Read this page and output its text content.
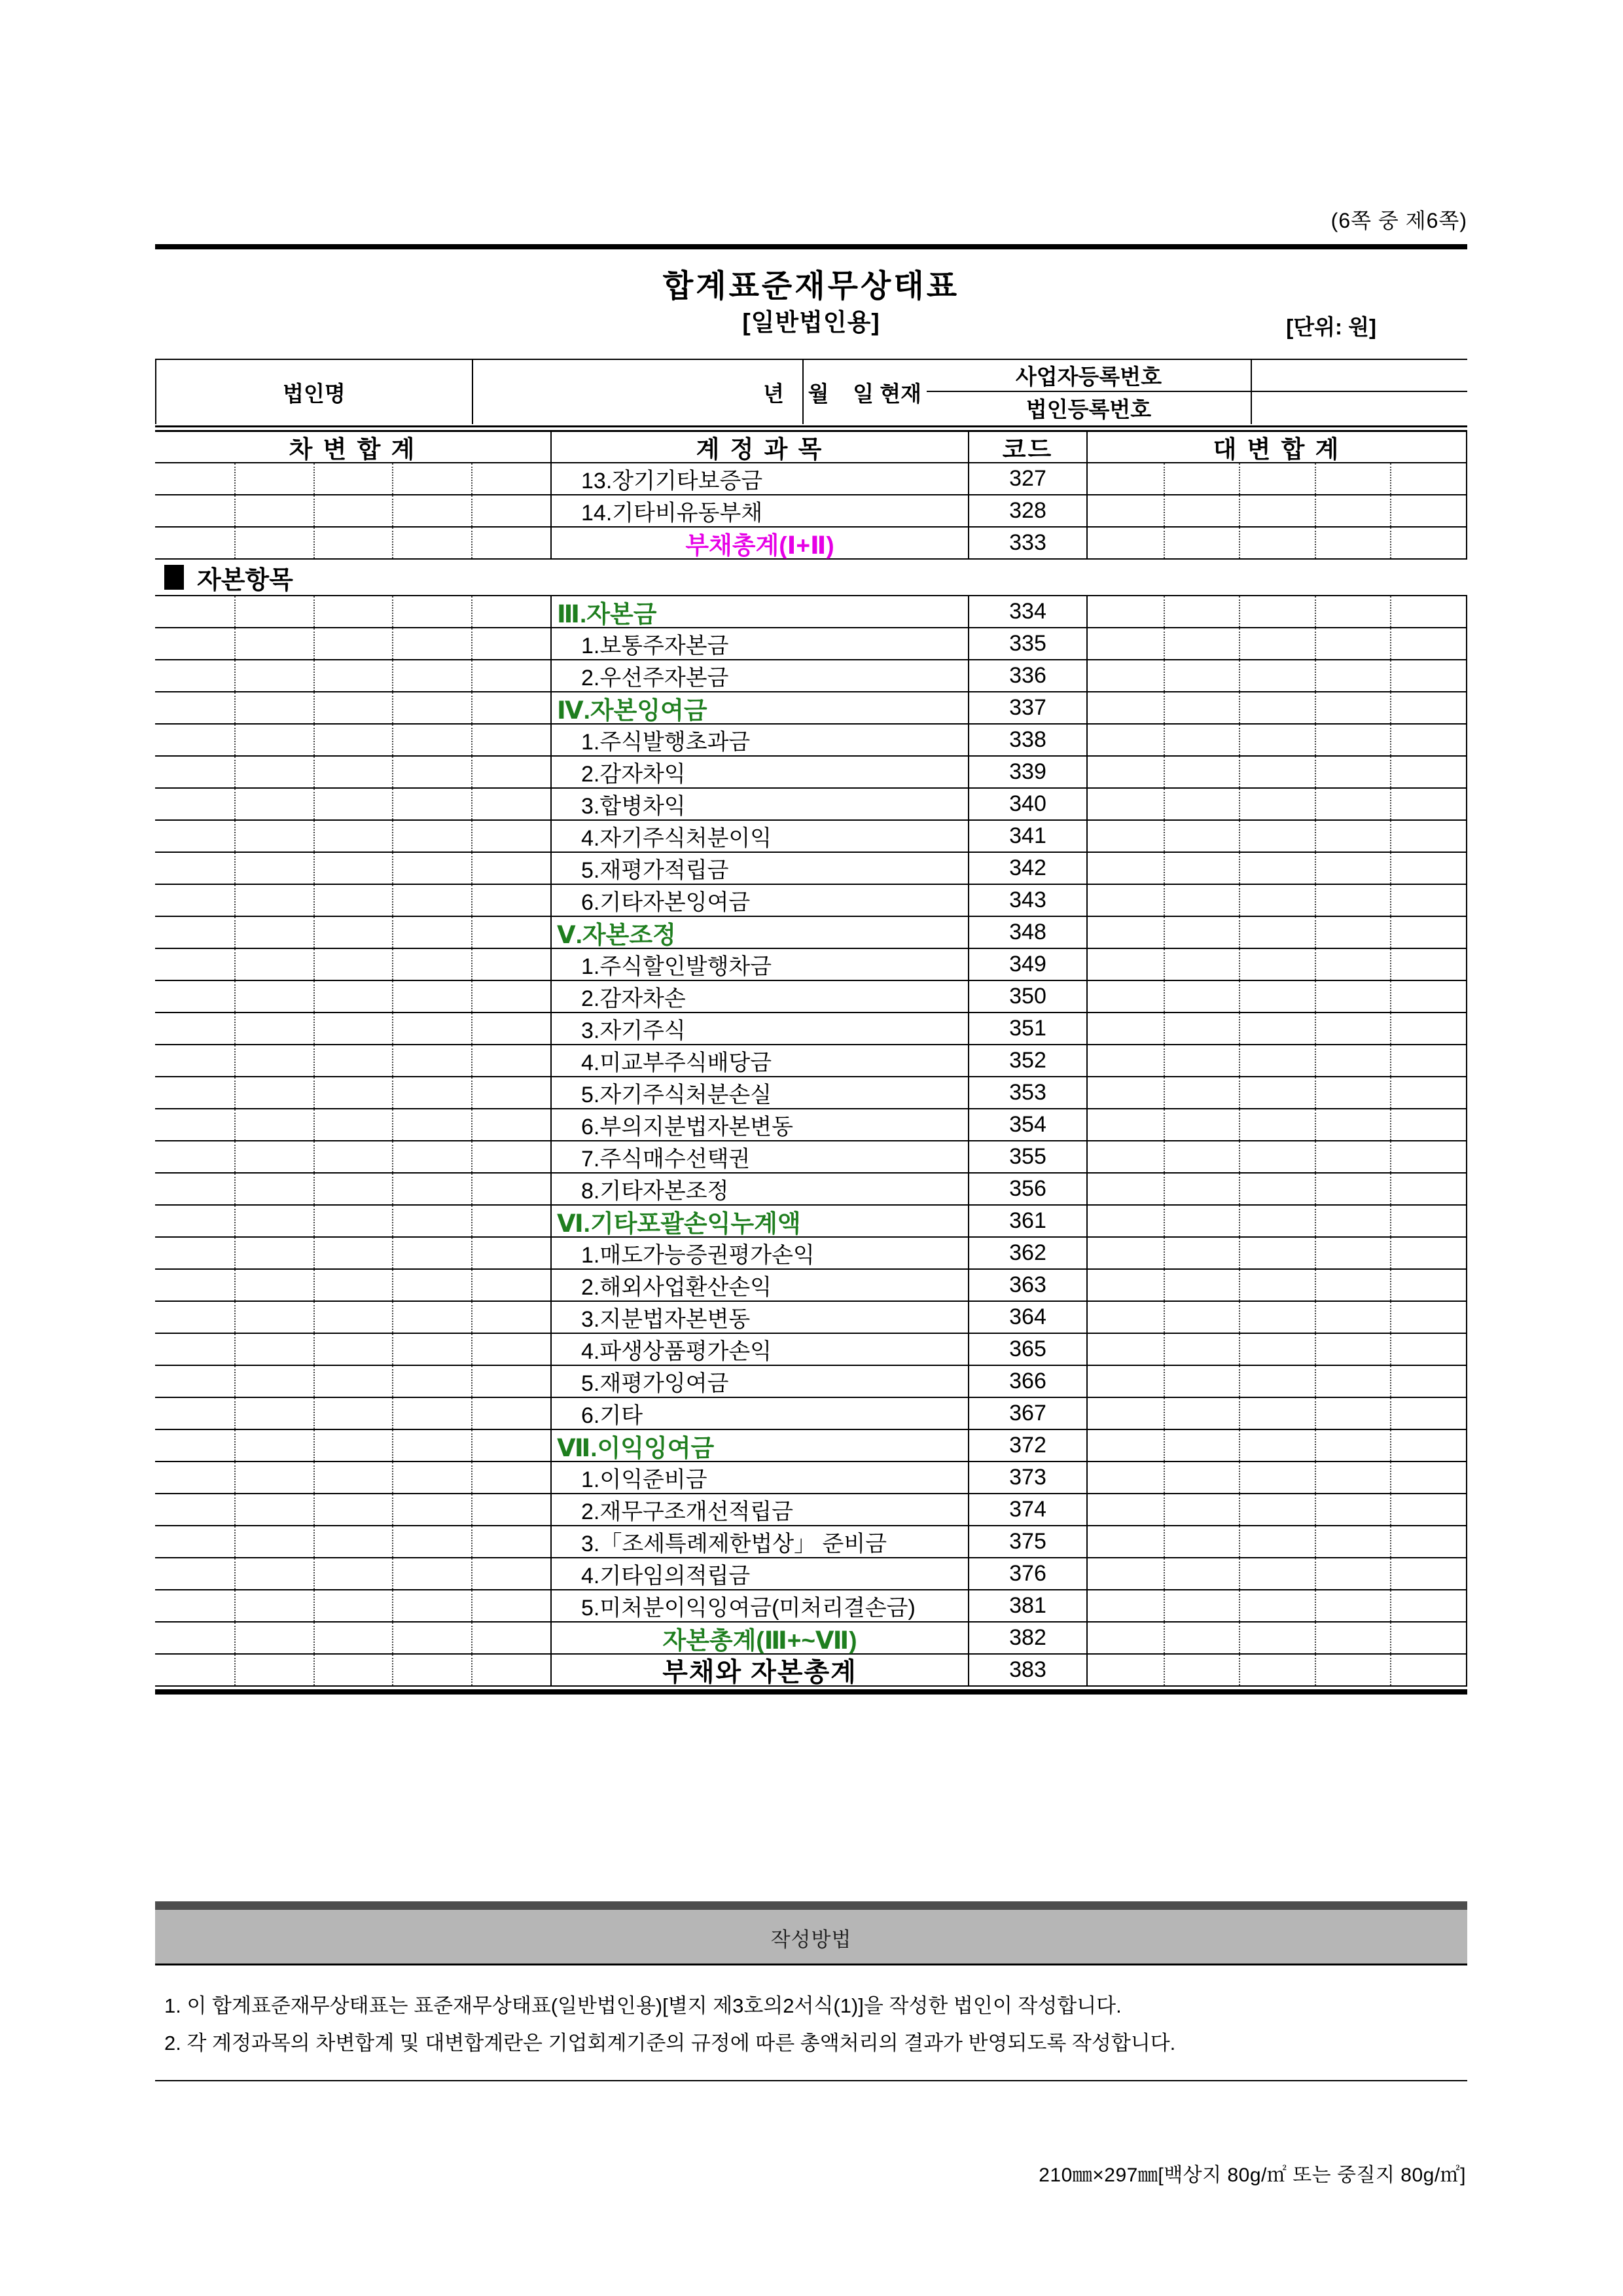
(6쪽 중 제6쪽)
합계표준재무상태표
[일반법인용]	[단위: 원]
사업자등록번호
법인명	년    월    일 현재
법인등록번호
차 변 합 계	계 정 과 목	코드	대 변 합 계
13.장기기타보증금	327
14.기타비유동부채	328
부채총계(Ⅰ+Ⅱ)	333
자본항목
Ⅲ.자본금	334
1.보통주자본금	335
2.우선주자본금	336
Ⅳ.자본잉여금	337
1.주식발행초과금	338
2.감자차익	339
3.합병차익	340
4.자기주식처분이익	341
5.재평가적립금	342
6.기타자본잉여금	343
Ⅴ.자본조정	348
1.주식할인발행차금	349
2.감자차손	350
3.자기주식	351
4.미교부주식배당금	352
5.자기주식처분손실	353
6.부의지분법자본변동	354
7.주식매수선택권	355
8.기타자본조정	356
Ⅵ.기타포괄손익누계액	361
1.매도가능증권평가손익	362
2.해외사업환산손익	363
3.지분법자본변동	364
4.파생상품평가손익	365
5.재평가잉여금	366
6.기타	367
Ⅶ.이익잉여금	372
1.이익준비금	373
2.재무구조개선적립금	374
3.「조세특례제한법상」 준비금	375
4.기타임의적립금	376
5.미처분이익잉여금(미처리결손금)	381
자본총계(Ⅲ+~Ⅶ)	382
부채와 자본총계	383
작성방법
1. 이 합계표준재무상태표는 표준재무상태표(일반법인용)[별지 제3호의2서식(1)]을 작성한 법인이 작성합니다.
2. 각 계정과목의 차변합계 및 대변합계란은 기업회계기준의 규정에 따른 총액처리의 결과가 반영되도록 작성합니다.
210㎜×297㎜[백상지 80g/㎡ 또는 중질지 80g/㎡]
